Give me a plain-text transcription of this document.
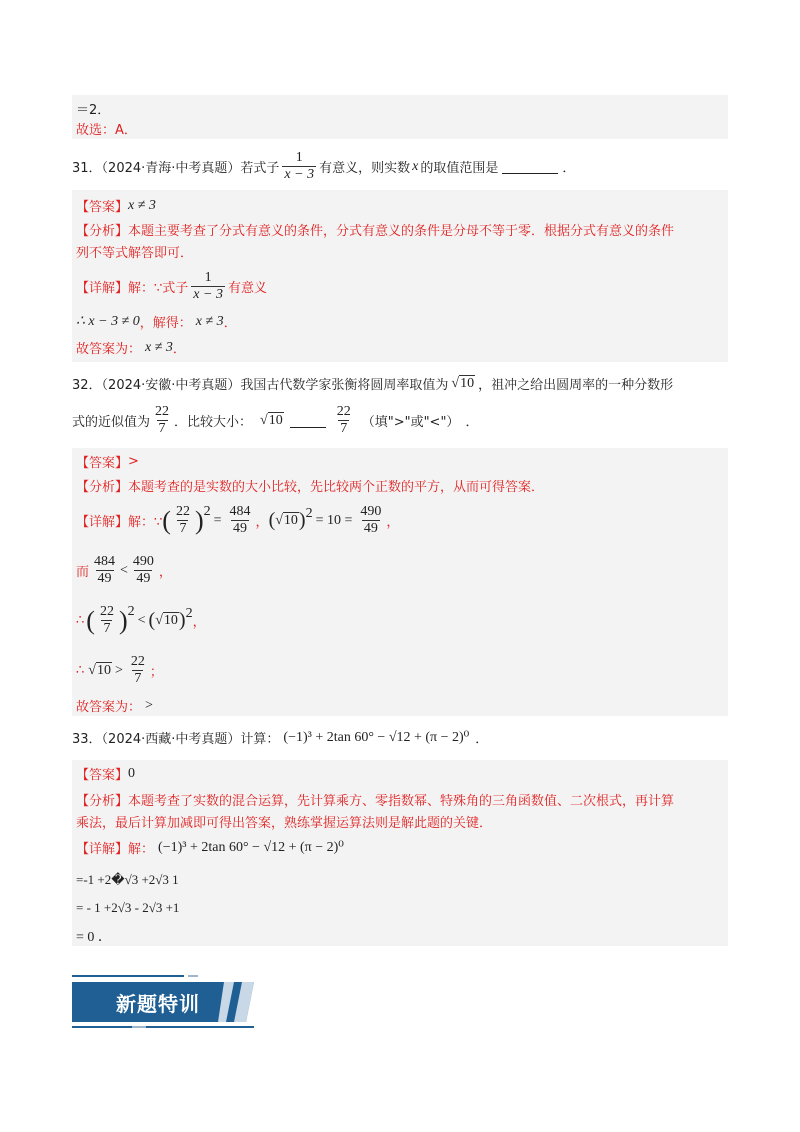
＝2．
故选：A．
31．（2024·青海·中考真题）若式子 $\frac{1}{x - 3}$ 有意义，则实数 x 的取值范围是	．
【答案】 x ≠ 3
【分析】 本题主要考查了分式有意义的条件，分式有意义的条件是分母不等于零．根据分式有意义的条件
列不等式解答即可．
【详解】 解：∵式子 $\frac{1}{x - 3}$ 有意义
∴ x − 3 ≠ 0 ，解得： x ≠ 3 ．
故答案为： x ≠ 3 ．
32．（2024·安徽·中考真题）我国古代数学家张衡将圆周率取值为 √10 ，祖冲之给出圆周率的一种分数形
式的近似值为 $\frac{22}{7}$ ．比较大小： √10	$\frac{22}{7}$ （填">"或"<"） ．
【答案】 >
【分析】 本题考查的是实数的大小比较，先比较两个正数的平方，从而可得答案．
【详解】 解：∵ ( $\frac{22}{7}$ ) 2
= $\frac{484}{49}$ ， ( √10 ) $2 = 10 = \frac{490}{49}$ ，
而 $\frac{484}{49} < \frac{490}{49}$ ，
∴ ( $\frac{22}{7}$ ) 2
< ( √10 ) 2
，
∴ $√10 > \frac{22}{7}$ ；
故答案为： >
33．（2024·西藏·中考真题）计算： (−1)³ + 2tan 60° − √12 + (π − 2)⁰ ．
【答案】 0
【分析】 本题考查了实数的混合运算，先计算乘方、零指数幂、特殊角的三角函数值、二次根式，再计算
乘法，最后计算加减即可得出答案，熟练掌握运算法则是解此题的关键．
【详解】 解： (−1)³ + 2tan 60° − √12 + (π − 2)⁰
=-1 +2�√3 +2√3 1
= - 1 +2√3 - 2√3 +1
= 0 ．
新题特训
